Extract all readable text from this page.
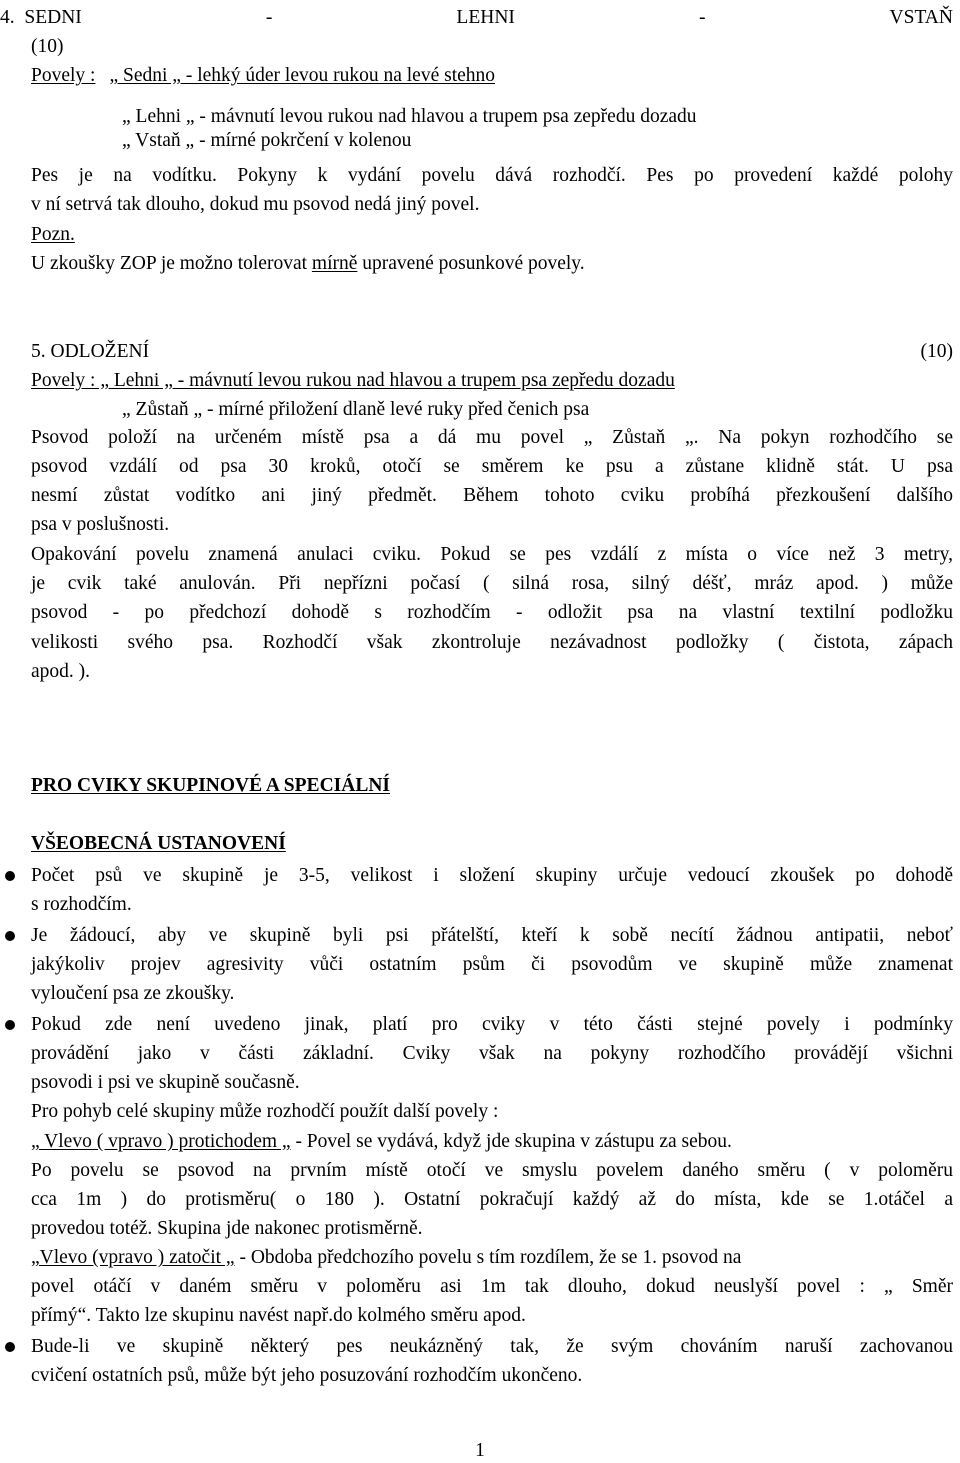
4. SEDNI	-	LEHNI	-	VSTAŇ
(10)
Povely : „ Sedni „ - lehký úder levou rukou na levé stehno
„ Lehni „ - mávnutí levou rukou nad hlavou a trupem psa zepředu dozadu
„ Vstaň „ - mírné pokrčení v kolenou
Pes je na vodítku. Pokyny k vydání povelu dává rozhodčí. Pes po provedení každé polohy
v ní setrvá tak dlouho, dokud mu psovod nedá jiný povel.
Pozn.
U zkoušky ZOP je možno tolerovat mírně upravené posunkové povely.
5. ODLOŽENÍ	(10)
Povely : „ Lehni „ - mávnutí levou rukou nad hlavou a trupem psa zepředu dozadu
„ Zůstaň „ - mírné přiložení dlaně levé ruky před čenich psa
Psovod položí na určeném místě psa a dá mu povel „ Zůstaň „. Na pokyn rozhodčího se
psovod vzdálí od psa 30 kroků, otočí se směrem ke psu a zůstane klidně stát. U psa
nesmí zůstat vodítko ani jiný předmět. Během tohoto cviku probíhá přezkoušení dalšího
psa v poslušnosti.
Opakování povelu znamená anulaci cviku. Pokud se pes vzdálí z místa o více než 3 metry,
je cvik také anulován. Při nepřízni počasí ( silná rosa, silný déšť, mráz apod. ) může
psovod - po předchozí dohodě s rozhodčím - odložit psa na vlastní textilní podložku
velikosti svého psa. Rozhodčí však zkontroluje nezávadnost podložky ( čistota, zápach
apod. ).
PRO CVIKY SKUPINOVÉ A SPECIÁLNÍ
VŠEOBECNÁ USTANOVENÍ
Počet psů ve skupině je 3-5, velikost i složení skupiny určuje vedoucí zkoušek po dohodě
s rozhodčím.
Je žádoucí, aby ve skupině byli psi přátelští, kteří k sobě necítí žádnou antipatii, neboť
jakýkoliv projev agresivity vůči ostatním psům či psovodům ve skupině může znamenat
vyloučení psa ze zkoušky.
Pokud zde není uvedeno jinak, platí pro cviky v této části stejné povely i podmínky
provádění jako v části základní. Cviky však na pokyny rozhodčího provádějí všichni
psovodi i psi ve skupině současně.
Pro pohyb celé skupiny může rozhodčí použít další povely :
„ Vlevo ( vpravo ) protichodem „ - Povel se vydává, když jde skupina v zástupu za sebou.
Po povelu se psovod na prvním místě otočí ve smyslu povelem daného směru ( v poloměru
cca 1m ) do protisměru( o 180 ). Ostatní pokračují každý až do místa, kde se 1.otáčel a
provedou totéž. Skupina jde nakonec protisměrně.
„Vlevo (vpravo ) zatočit „ - Obdoba předchozího povelu s tím rozdílem, že se 1. psovod na
povel otáčí v daném směru v poloměru asi 1m tak dlouho, dokud neuslyší povel : „ Směr
přímý“. Takto lze skupinu navést např.do kolmého směru apod.
Bude-li ve skupině některý pes neukázněný tak, že svým chováním naruší zachovanou
cvičení ostatních psů, může být jeho posuzování rozhodčím ukončeno.
1
